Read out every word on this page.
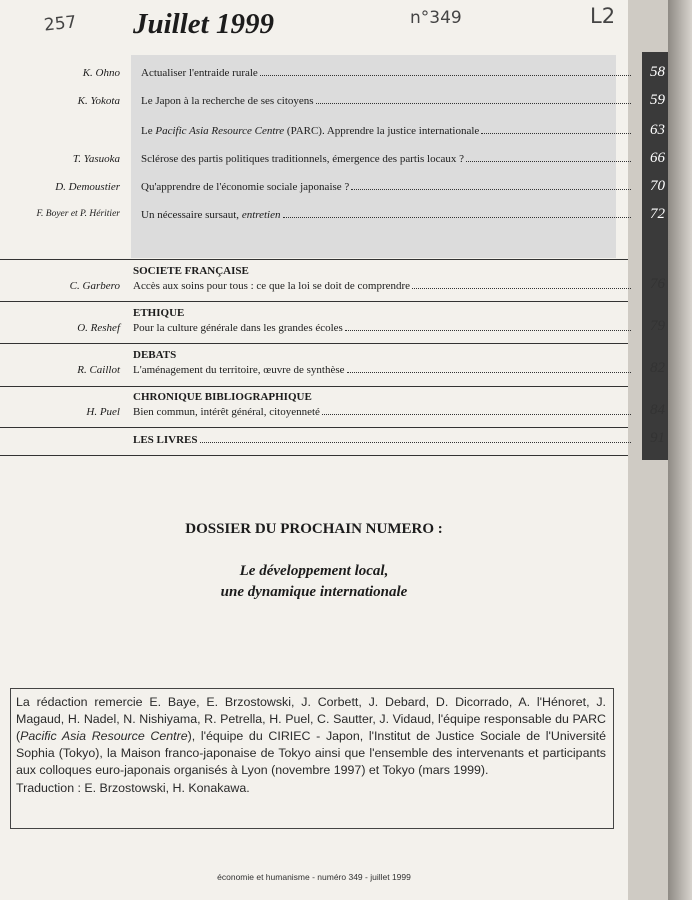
257 Juillet 1999	n°349	L2
K. Ohno Actualiser l'entraide rurale	58
K. Yokota Le Japon à la recherche de ses citoyens	59
Le Pacific Asia Resource Centre (PARC). Apprendre la justice internationale	63
T. Yasuoka Sclérose des partis politiques traditionnels, émergence des partis locaux ?	66
D. Demoustier Qu'apprendre de l'économie sociale japonaise ?	70
F. Boyer et P. Héritier Un nécessaire sursaut, entretien	72
SOCIETE FRANÇAISE
C. Garbero Accès aux soins pour tous : ce que la loi se doit de comprendre	76
ETHIQUE
O. Reshef Pour la culture générale dans les grandes écoles	79
DEBATS
R. Caillot L'aménagement du territoire, œuvre de synthèse	82
CHRONIQUE BIBLIOGRAPHIQUE
H. Puel Bien commun, intérêt général, citoyenneté	84
LES LIVRES	91
DOSSIER DU PROCHAIN NUMERO :
Le développement local,
une dynamique internationale

La rédaction remercie E. Baye, E. Brzostowski, J. Corbett, J. Debard, D. Dicorrado, A. l'Hénoret, J. Magaud, H. Nadel, N. Nishiyama, R. Petrella, H. Puel, C. Sautter, J. Vidaud, l'équipe responsable du PARC (Pacific Asia Resource Centre), l'équipe du CIRIEC - Japon, l'Institut de Justice Sociale de l'Université Sophia (Tokyo), la Maison franco-japonaise de Tokyo ainsi que l'ensemble des intervenants et participants aux colloques euro-japonais organisés à Lyon (novembre 1997) et Tokyo (mars 1999).

Traduction : E. Brzostowski, H. Konakawa.

économie et humanisme - numéro 349 - juillet 1999
